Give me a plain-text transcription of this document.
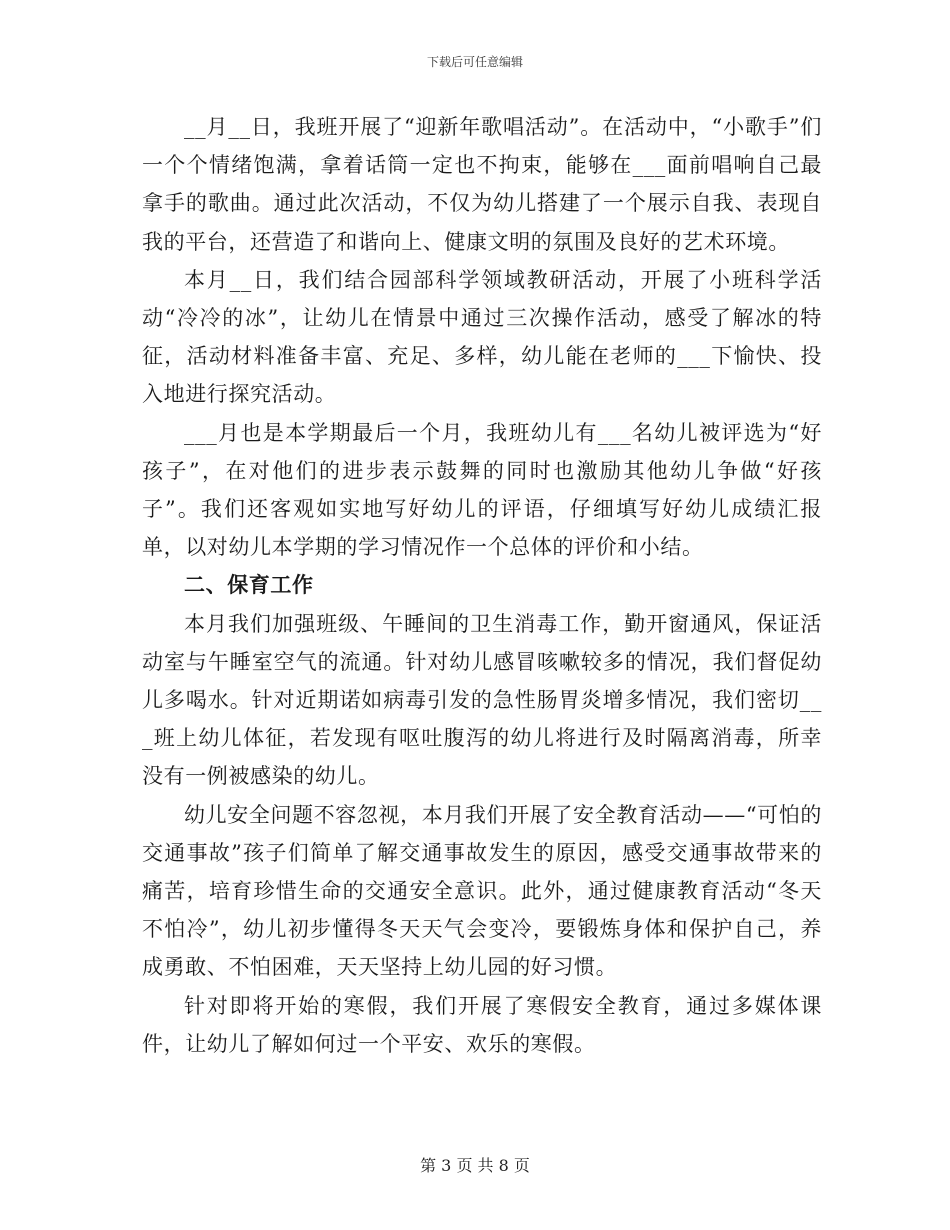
下载后可任意编辑

__月__日，我班开展了“迎新年歌唱活动”。在活动中，“小歌手”们一个个情绪饱满，拿着话筒一定也不拘束，能够在___面前唱响自己最拿手的歌曲。通过此次活动，不仅为幼儿搭建了一个展示自我、表现自我的平台，还营造了和谐向上、健康文明的氛围及良好的艺术环境。

本月__日，我们结合园部科学领域教研活动，开展了小班科学活动“冷冷的冰”，让幼儿在情景中通过三次操作活动，感受了解冰的特征，活动材料准备丰富、充足、多样，幼儿能在老师的___下愉快、投入地进行探究活动。

___月也是本学期最后一个月，我班幼儿有___名幼儿被评选为“好孩子”，在对他们的进步表示鼓舞的同时也激励其他幼儿争做“好孩子”。我们还客观如实地写好幼儿的评语，仔细填写好幼儿成绩汇报单，以对幼儿本学期的学习情况作一个总体的评价和小结。

二、保育工作

本月我们加强班级、午睡间的卫生消毒工作，勤开窗通风，保证活动室与午睡室空气的流通。针对幼儿感冒咳嗽较多的情况，我们督促幼儿多喝水。针对近期诺如病毒引发的急性肠胃炎增多情况，我们密切___班上幼儿体征，若发现有呕吐腹泻的幼儿将进行及时隔离消毒，所幸没有一例被感染的幼儿。

幼儿安全问题不容忽视，本月我们开展了安全教育活动——“可怕的交通事故”孩子们简单了解交通事故发生的原因，感受交通事故带来的痛苦，培育珍惜生命的交通安全意识。此外，通过健康教育活动“冬天不怕冷”，幼儿初步懂得冬天天气会变冷，要锻炼身体和保护自己，养成勇敢、不怕困难，天天坚持上幼儿园的好习惯。

针对即将开始的寒假，我们开展了寒假安全教育，通过多媒体课件，让幼儿了解如何过一个平安、欢乐的寒假。

第 3 页 共 8 页
